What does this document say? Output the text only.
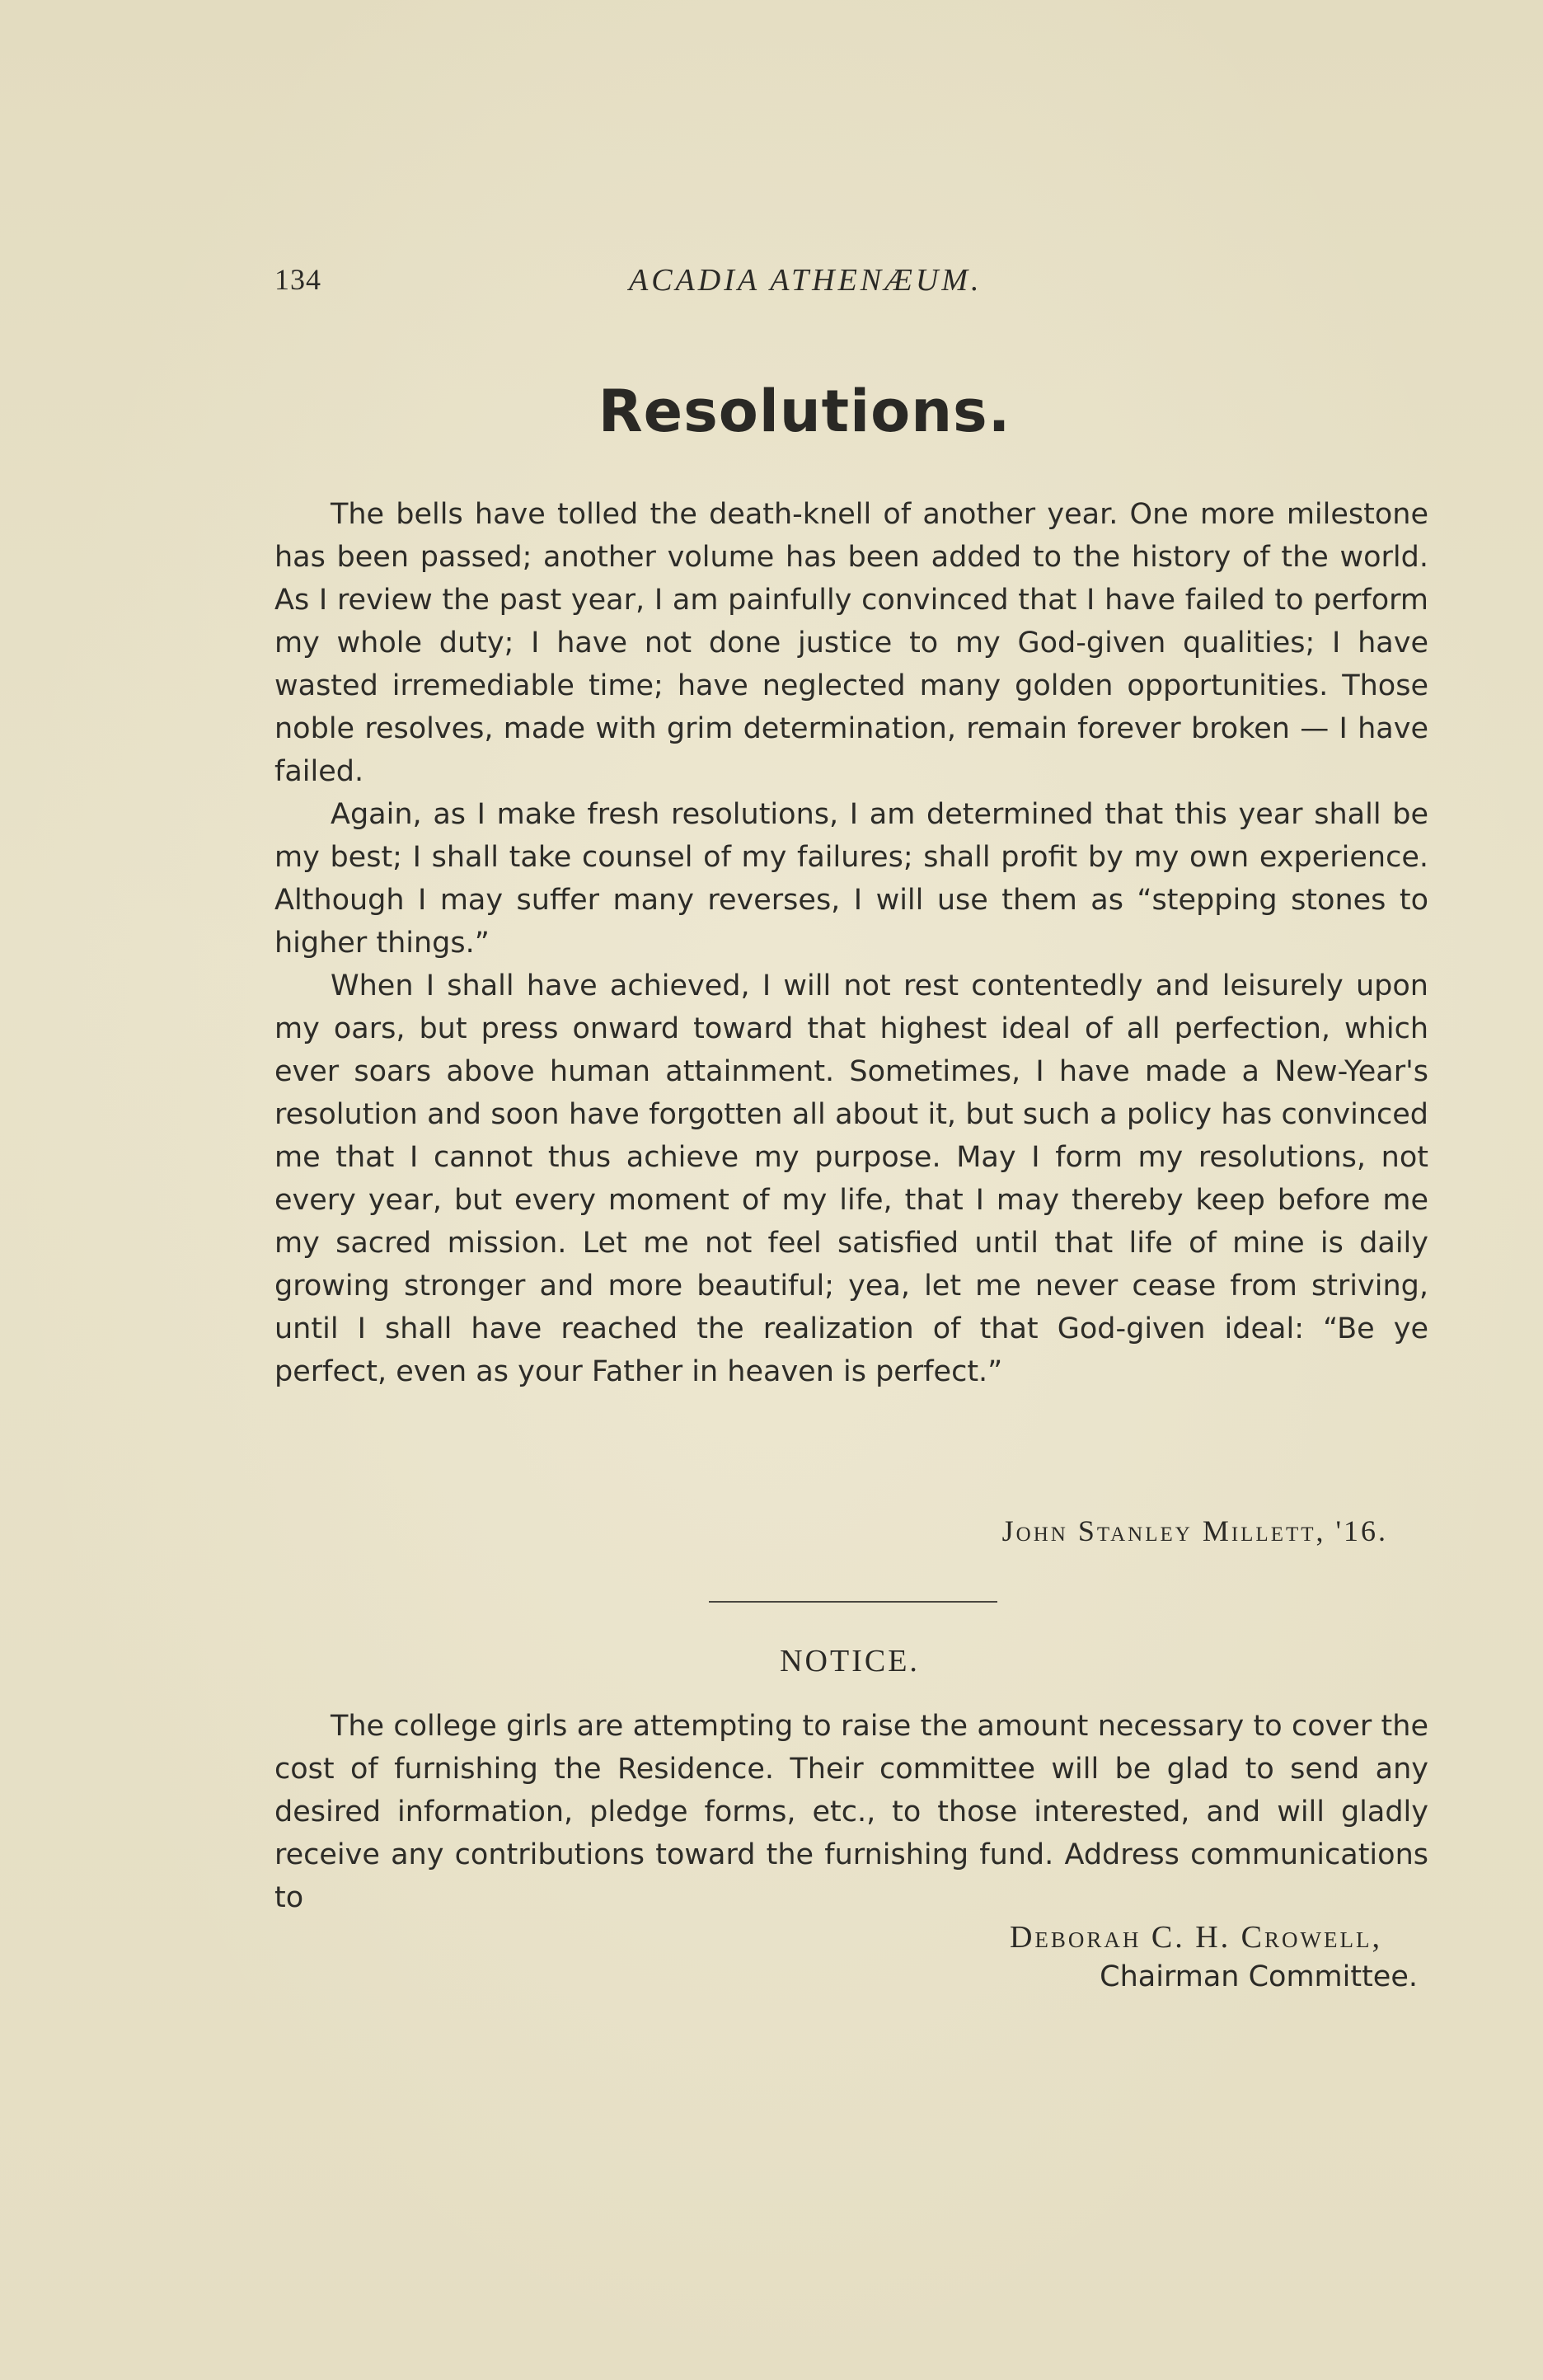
134	ACADIA ATHENÆUM.
Resolutions.

The bells have tolled the death-knell of another year. One more milestone has been passed; another volume has been added to the history of the world. As I review the past year, I am painfully convinced that I have failed to perform my whole duty; I have not done justice to my God-given qualities; I have wasted irremediable time; have neglected many golden opportunities. Those noble resolves, made with grim determination, remain forever broken — I have failed.

Again, as I make fresh resolutions, I am determined that this year shall be my best; I shall take counsel of my failures; shall profit by my own experience. Although I may suffer many reverses, I will use them as “stepping stones to higher things.”

When I shall have achieved, I will not rest contentedly and leisurely upon my oars, but press onward toward that highest ideal of all perfection, which ever soars above human attainment. Sometimes, I have made a New-Year's resolution and soon have forgotten all about it, but such a policy has convinced me that I cannot thus achieve my purpose. May I form my resolutions, not every year, but every moment of my life, that I may thereby keep before me my sacred mission. Let me not feel satisfied until that life of mine is daily growing stronger and more beautiful; yea, let me never cease from striving, until I shall have reached the realization of that God-given ideal: “Be ye perfect, even as your Father in heaven is perfect.”

John Stanley Millett, '16.
NOTICE.

The college girls are attempting to raise the amount necessary to cover the cost of furnishing the Residence. Their committee will be glad to send any desired information, pledge forms, etc., to those interested, and will gladly receive any contributions toward the furnishing fund. Address communications to

Deborah C. H. Crowell,
Chairman Committee.
